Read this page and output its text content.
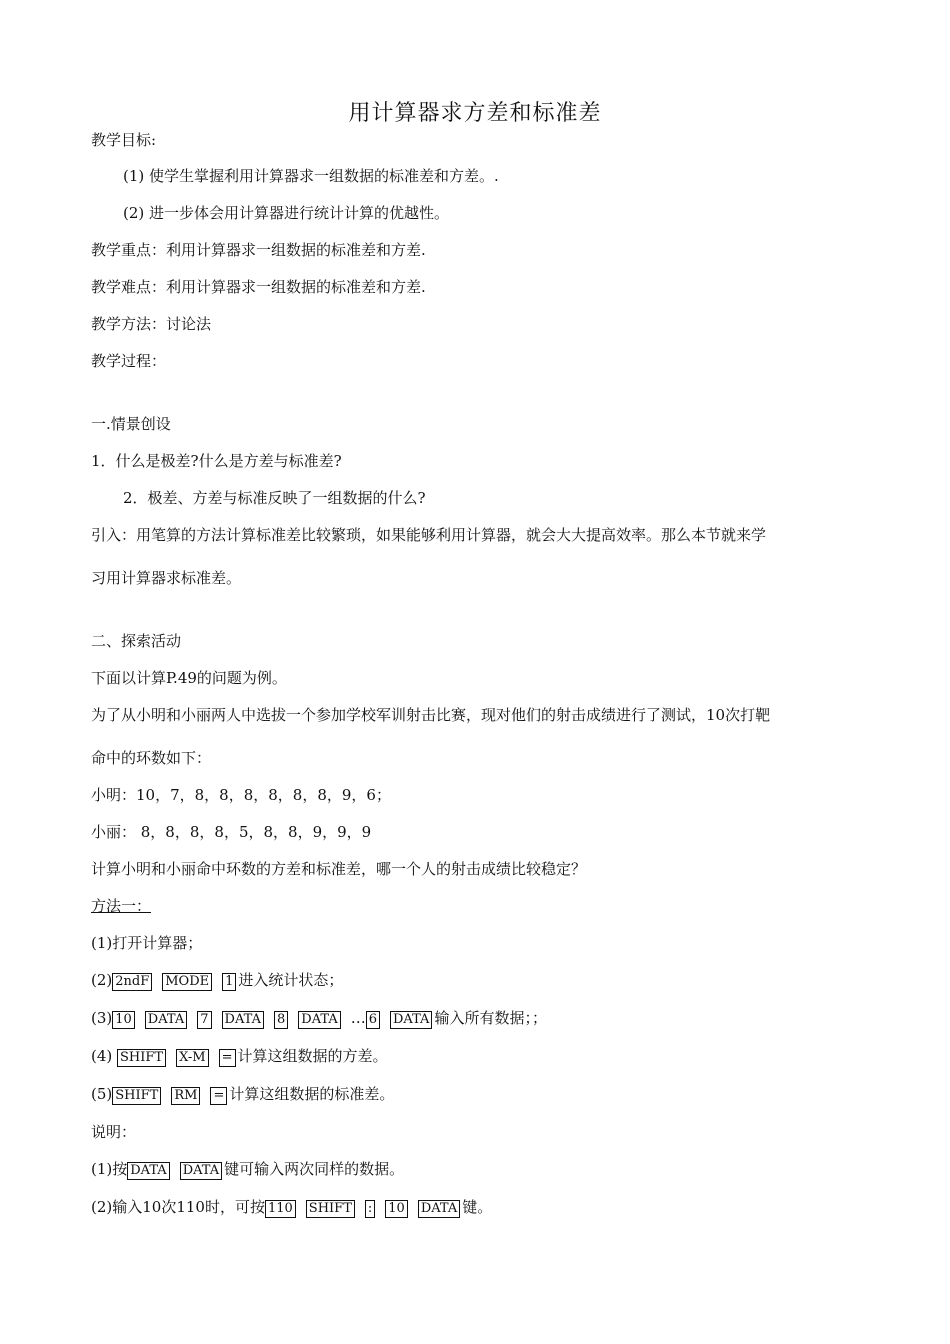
用计算器求方差和标准差
教学目标:
(1) 使学生掌握利用计算器求一组数据的标准差和方差。.
(2) 进一步体会用计算器进行统计计算的优越性。
教学重点：利用计算器求一组数据的标准差和方差.
教学难点：利用计算器求一组数据的标准差和方差.
教学方法：讨论法
教学过程：
一.情景创设
1．什么是极差?什么是方差与标准差?
2．极差、方差与标准反映了一组数据的什么?
引入：用笔算的方法计算标准差比较繁琐，如果能够利用计算器，就会大大提高效率。那么本节就来学
习用计算器求标准差。
二、探索活动
下面以计算P.49的问题为例。
为了从小明和小丽两人中选拔一个参加学校军训射击比赛，现对他们的射击成绩进行了测试，10次打靶
命中的环数如下：
小明：10，7，8，8，8，8，8，8，9，6；
小丽： 8，8，8，8，5，8，8，9，9，9
计算小明和小丽命中环数的方差和标准差，哪一个人的射击成绩比较稳定？
方法一：
(1)打开计算器；
(2) 2ndF MODE 1 进入统计状态；
(3) 10 DATA 7 DATA 8 DATA … 6 DATA 输入所有数据；；
(4) SHIFT X-M = 计算这组数据的方差。
(5) SHIFT RM = 计算这组数据的标准差。
说明：
(1)按 DATA DATA 键可输入两次同样的数据。
(2)输入10次110时，可按 110 SHIFT : 10 DATA 键。
